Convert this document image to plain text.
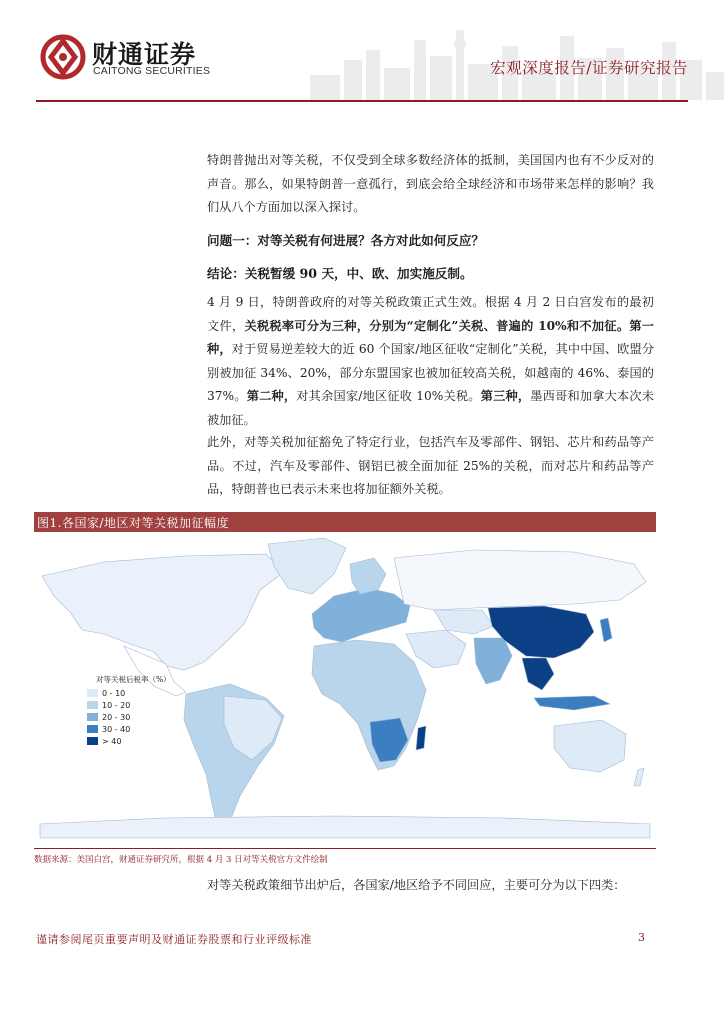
财通证券
CAITONG SECURITIES	宏观深度报告/证券研究报告

特朗普抛出对等关税，不仅受到全球多数经济体的抵制，美国国内也有不少反对的声音。那么，如果特朗普一意孤行，到底会给全球经济和市场带来怎样的影响？我们从八个方面加以深入探讨。

问题一：对等关税有何进展？各方对此如何反应？
结论：关税暂缓 90 天，中、欧、加实施反制。

4 月 9 日，特朗普政府的对等关税政策正式生效。根据 4 月 2 日白宫发布的最初文件，关税税率可分为三种，分别为“定制化”关税、普遍的 10%和不加征。第一种，对于贸易逆差较大的近 60 个国家/地区征收“定制化”关税，其中中国、欧盟分别被加征 34%、20%，部分东盟国家也被加征较高关税，如越南的 46%、泰国的 37%。第二种，对其余国家/地区征收 10%关税。第三种，墨西哥和加拿大本次未被加征。

此外，对等关税加征豁免了特定行业，包括汽车及零部件、钢铝、芯片和药品等产品。不过，汽车及零部件、钢铝已被全面加征 25%的关税，而对芯片和药品等产品，特朗普也已表示未来也将加征额外关税。

图1.各国家/地区对等关税加征幅度
对等关税后税率（%）
0 - 10
10 - 20
20 - 30
30 - 40
> 40
数据来源：美国白宫，财通证券研究所，根据 4 月 3 日对等关税官方文件绘制

对等关税政策细节出炉后，各国家/地区给予不同回应，主要可分为以下四类：

谨请参阅尾页重要声明及财通证券股票和行业评级标准	3
